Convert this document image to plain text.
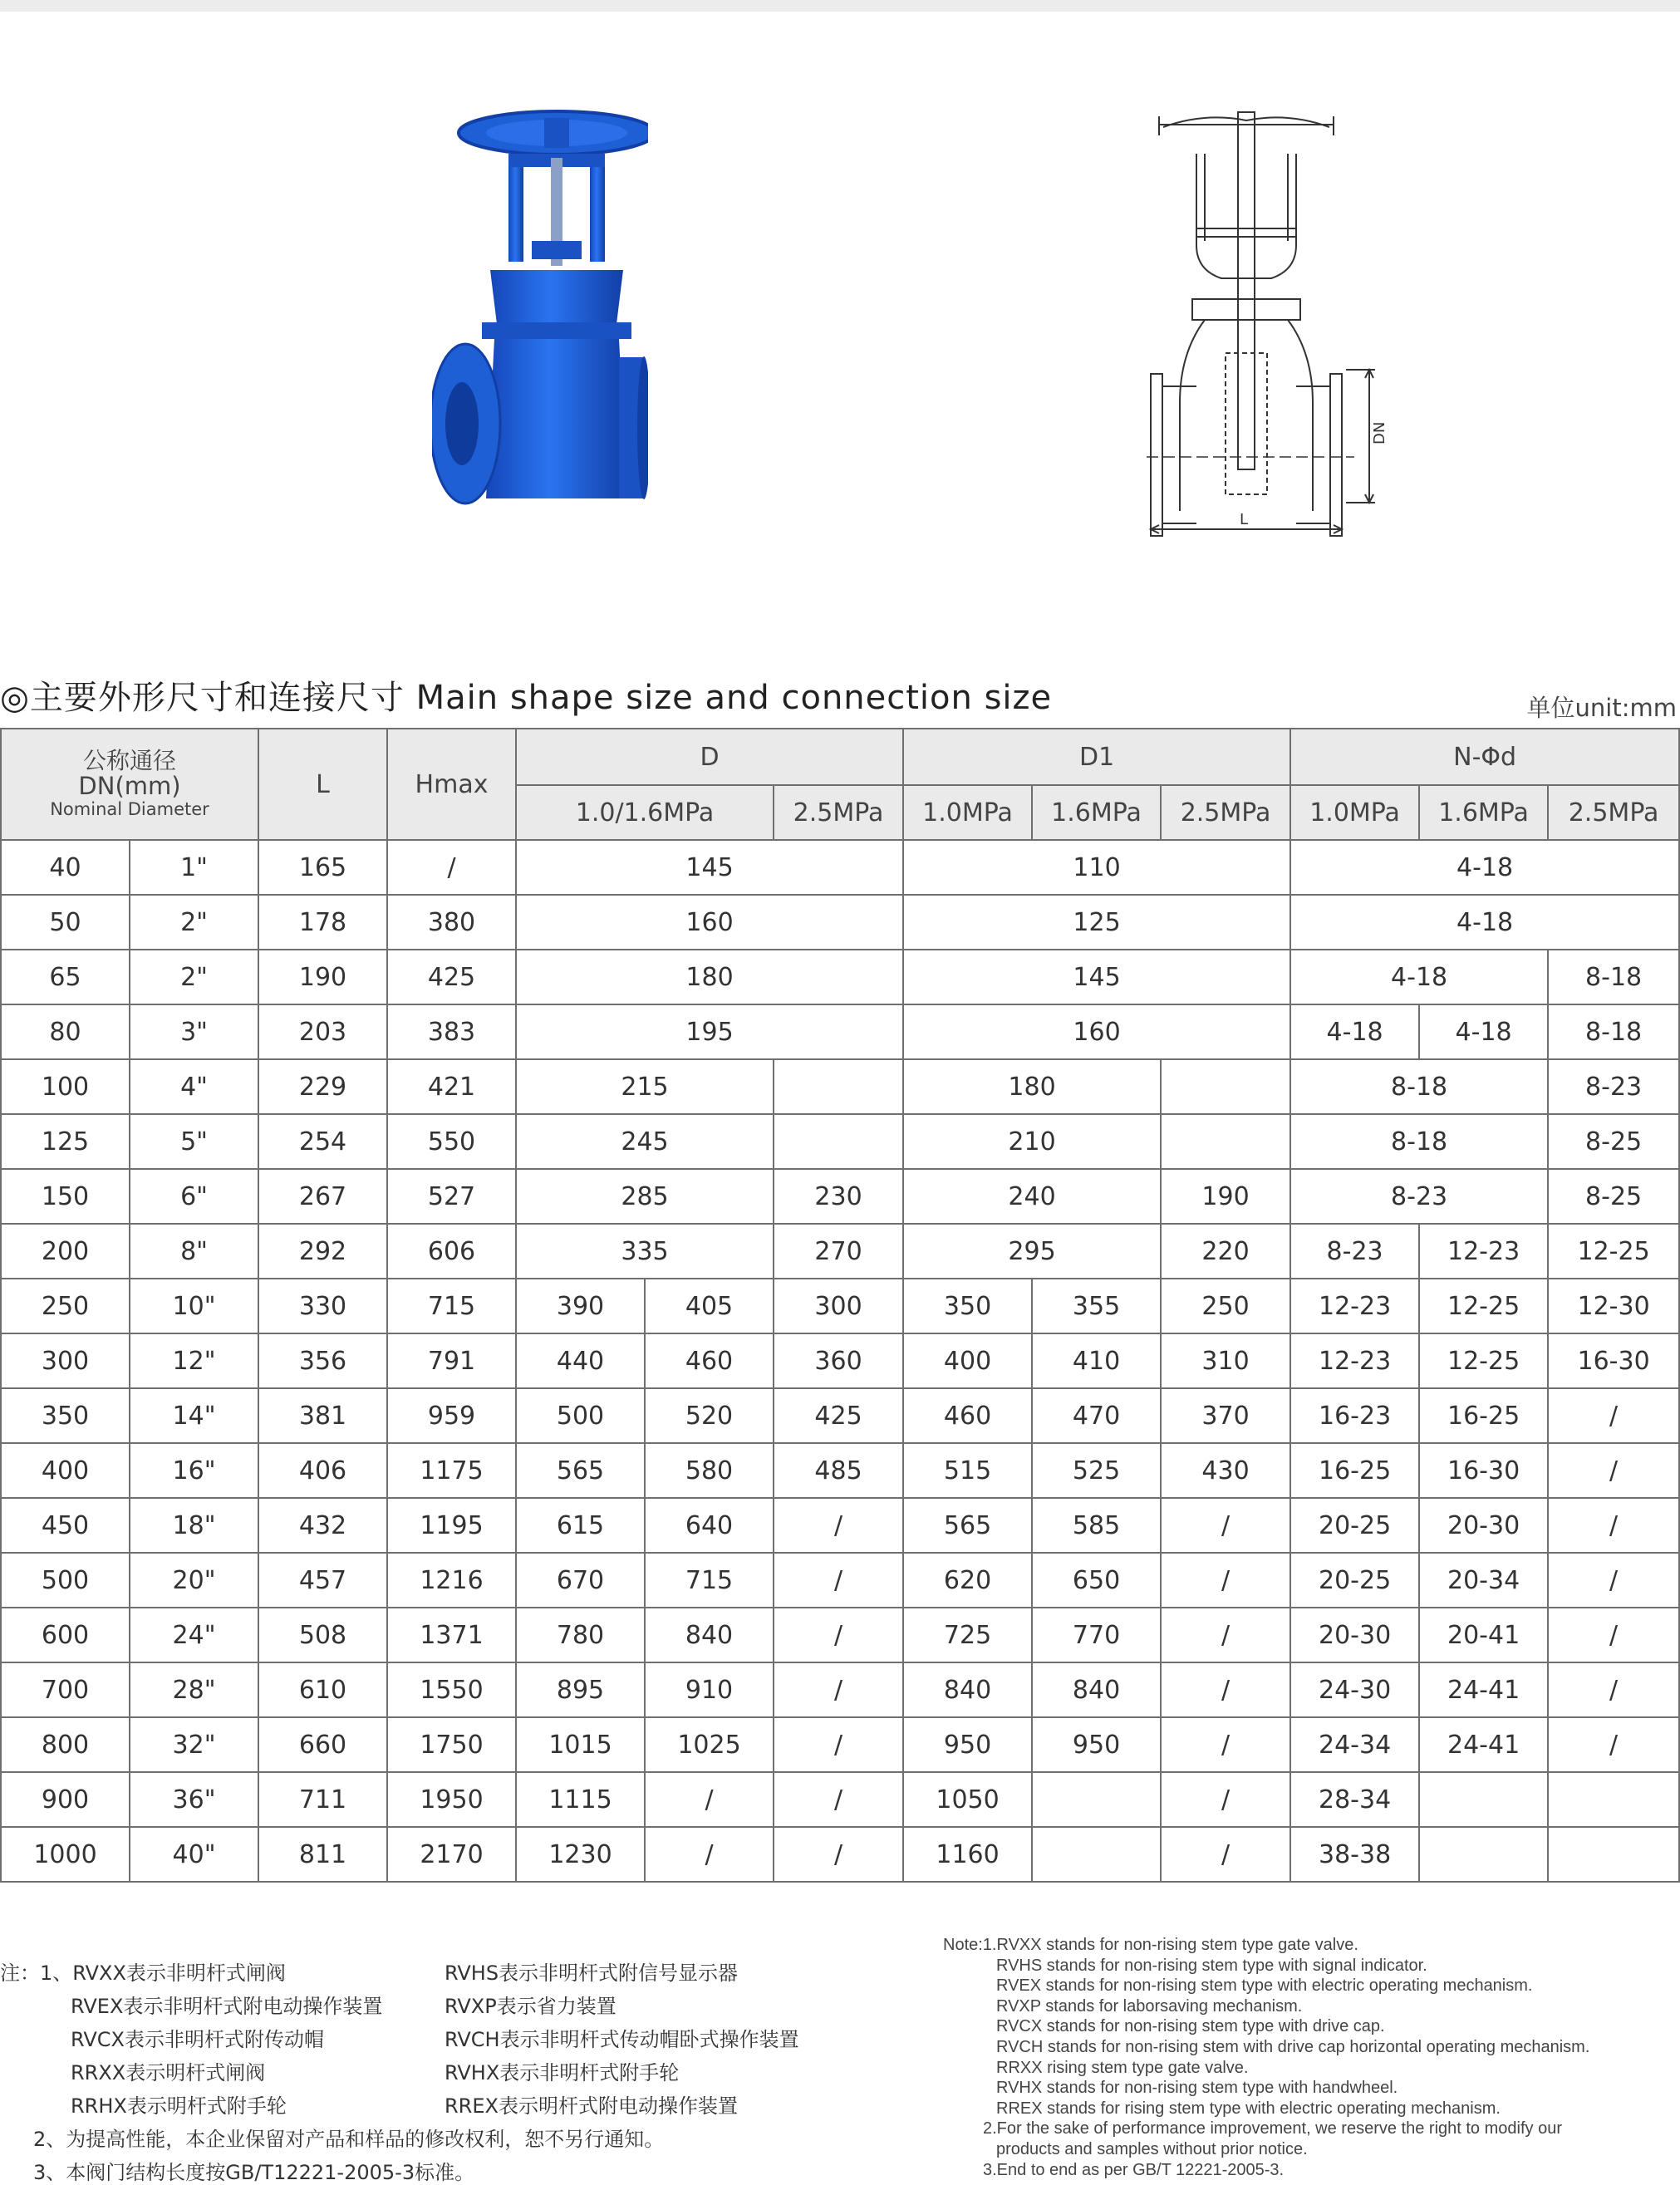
DN
L
◎主要外形尺寸和连接尺寸 Main shape size and connection size	单位unit:mm
公称通径
DN(mm)
Nominal Diameter		L	Hmax	D			D1			N-Φd		
				1.0/1.6MPa		2.5MPa	1.0MPa	1.6MPa	2.5MPa	1.0MPa	1.6MPa	2.5MPa
40	1"	165	/	145			110			4-18		
50	2"	178	380	160			125			4-18		
65	2"	190	425	180			145			4-18		8-18
80	3"	203	383	195			160			4-18	4-18	8-18
100	4"	229	421	215			180			8-18		8-23
125	5"	254	550	245			210			8-18		8-25
150	6"	267	527	285		230	240		190	8-23		8-25
200	8"	292	606	335		270	295		220	8-23	12-23	12-25
250	10"	330	715	390	405	300	350	355	250	12-23	12-25	12-30
300	12"	356	791	440	460	360	400	410	310	12-23	12-25	16-30
350	14"	381	959	500	520	425	460	470	370	16-23	16-25	/
400	16"	406	1175	565	580	485	515	525	430	16-25	16-30	/
450	18"	432	1195	615	640	/	565	585	/	20-25	20-30	/
500	20"	457	1216	670	715	/	620	650	/	20-25	20-34	/
600	24"	508	1371	780	840	/	725	770	/	20-30	20-41	/
700	28"	610	1550	895	910	/	840	840	/	24-30	24-41	/
800	32"	660	1750	1015	1025	/	950	950	/	24-34	24-41	/
900	36"	711	1950	1115	/	/	1050		/	28-34		
1000	40"	811	2170	1230	/	/	1160		/	38-38		
注：1、RVXX表示非明杆式闸阀	RVHS表示非明杆式附信号显示器
RVEX表示非明杆式附电动操作装置	RVXP表示省力装置
RVCX表示非明杆式附传动帽	RVCH表示非明杆式传动帽卧式操作装置
RRXX表示明杆式闸阀	RVHX表示非明杆式附手轮
RRHX表示明杆式附手轮	RREX表示明杆式附电动操作装置
2、为提高性能，本企业保留对产品和样品的修改权利，恕不另行通知。
3、本阀门结构长度按GB/T12221-2005-3标准。
Note:1.RVXX stands for non-rising stem type gate valve.
RVHS stands for non-rising stem type with signal indicator.
RVEX stands for non-rising stem type with electric operating mechanism.
RVXP stands for laborsaving mechanism.
RVCX stands for non-rising stem type with drive cap.
RVCH stands for non-rising stem with drive cap horizontal operating mechanism.
RRXX rising stem type gate valve.
RVHX stands for non-rising stem type with handwheel.
RREX stands for rising stem type with electric operating mechanism.
2.For the sake of performance improvement, we reserve the right to modify our
products and samples without prior notice.
3.End to end as per GB/T 12221-2005-3.
